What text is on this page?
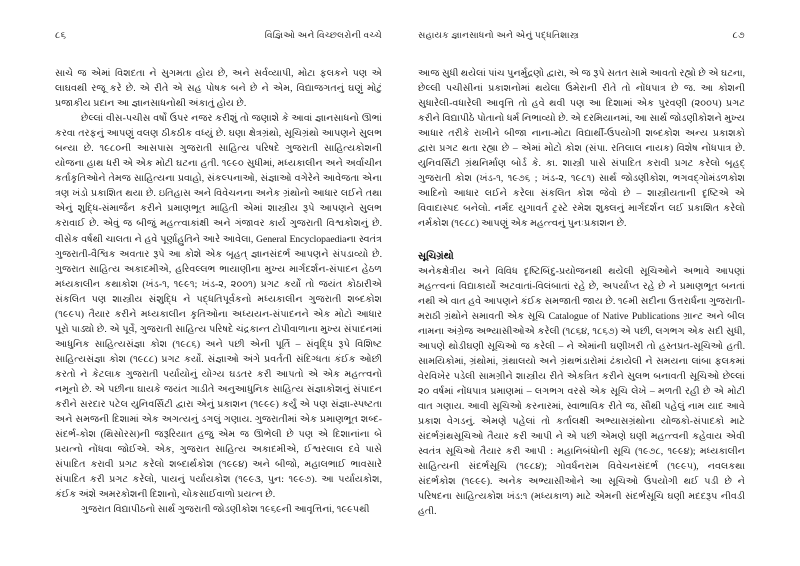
૮૬	વિજ્ઞિઓ અને વિચ્છલરોની વચ્ચે

સાચે જ એમાં વિશદતા ને સુગમતા હોય છે, અને સર્વવ્યાપી, મોટા ફલકને પણ એ લાઘવથી રજૂ કરે છે. એ રીતે એ સહ પોષક બને છે ને એમ, વિદ્યાજગતનું ઘણું મોટું પ્રજાકીય પ્રદાન આ જ્ઞાનસાધનોથી અંકાતું હોય છે.

છેલ્લાં વીસ-પચીસ વર્ષો ઉપર નજર કરીશું તો જણાશે કે આવાં જ્ઞાનસાધનો ઊભાં કરવા તરફનું આપણું વલણ ઠીકઠીક વધ્યું છે. ઘણા ક્ષેત્રગ્રંથો, સૂચિગ્રંથો આપણને સુલભ બન્યા છે. ૧૯૮૦ની આસપાસ ગુજરાતી સાહિત્ય પરિષદે ગુજરાતી સાહિત્યકોશની યોજના હાથ ધરી એ એક મોટી ઘટના હતી. ૧૯૯૦ સુધીમાં, મધ્યકાલીન અને અર્વાચીન કર્તાકૃતિઓને તેમજ સાહિત્યના પ્રવાહો, સંકલ્પનાઓ, સંજ્ઞાઓ વગેરેને આવેજતા એના ત્રણ ખંડો પ્રકાશિત થયા છે. ઇતિહાસ અને વિવેચનના અનેક ગ્રંથોનો આધાર લઈને તથા એનું શુદ્ધિ-સંમાર્જન કરીને પ્રમાણભૂત માહિતી એમાં શાસ્ત્રીય રૂપે આપણને સુલભ કરાવાઈ છે. એવું જ બીજું મહત્ત્વાકાંક્ષી અને ગંજાવર કાર્ય ગુજરાતી વિશ્વકોશનું છે. વીસેક વર્ષથી ચાલતા ને હવે પૂર્ણાહુતિને આરે આવેલા, General Encyclopaediaના સ્વતંત્ર ગુજરાતી-વૈશ્વિક અવતાર રૂપે આ કોશે એક બૃહત્ જ્ઞાનસંદર્ભ આપણને સંપડાવ્યો છે. ગુજરાત સાહિત્ય અકાદમીએ, હરિવલ્લભ ભાયાણીના મુખ્ય માર્ગદર્શન-સંપાદન હેઠળ મધ્યકાલીન કથાકોશ (ખંડ-૧, ૧૯૯૧; ખંડ-૨, ૨૦૦૧) પ્રગટ કર્યો તો જયંત કોઠારીએ સંકલિત પણ શાસ્ત્રીય સંશુદ્ધિ ને પદ્ધતિપૂર્વકનો મધ્યકાલીન ગુજરાતી શબ્દકોશ (૧૯૯૫) તૈયાર કરીને મધ્યકાલીન કૃતિઓના અધ્યયન-સંપાદનને એક મોટો આધાર પૂરો પાડ્યો છે. એ પૂર્વે, ગુજરાતી સાહિત્ય પરિષદે ચંદ્રકાન્ત ટોપીવાળાના મુખ્ય સંપાદનમાં આધુનિક સાહિત્યસંજ્ઞા કોશ (૧૯૮૬) અને પછી એની પૂર્તિ – સંવૃદ્ધિ રૂપે વિશિષ્ટ સાહિત્યસંજ્ઞા કોશ (૧૯૮૮) પ્રગટ કર્યો. સંજ્ઞાઓ અંગે પ્રવર્તતી સંદિગ્ધતા કંઈક ઓછી કરતો ને કેટલાક ગુજરાતી પર્યાયોનું યોગ્ય ઘડતર કરી આપતો એ એક મહત્ત્વનો નમૂનો છે. એ પછીના ઘાયકે જયંત ગાડીતે અનુઆધુનિક સાહિત્ય સંજ્ઞાકોશનું સંપાદન કરીને સરદાર પટેલ યુનિવર્સિટી દ્વારા એનું પ્રકાશન (૧૯૯૯) કર્યું એ પણ સંજ્ઞા-સ્પષ્ટતા અને સમજની દિશામાં એક અગત્યનું ડગલું ગણાય. ગુજરાતીમાં એક પ્રમાણભૂત શબ્દ-સંદર્ભ-કોશ (થિસોરસ)ની જરૂરિયાત હજુ એમ જ ઊભેલી છે પણ એ દિશાનાંના બે પ્રયત્નો નોંધવા જોઈએ. એક, ગુજરાત સાહિત્ય અકાદમીએ, ઈશ્વરલાલ દવે પાસે સંપાદિત કરાવી પ્રગટ કરેલો શબ્દાર્થકોશ (૧૯૯૪) અને બીજો, મહાલભાઈ ભાવસારે સંપાદિત કરી પ્રગટ કરેલો, પાયનું પર્યાયકોશ (૧૯૯૩, પુન: ૧૯૯૭). આ પર્યાયકોશ, કંઈક અંશે અમરકોશની દિશાનો, ચોકસાઈવાળો પ્રયત્ન છે.

ગુજરાત વિદ્યાપીઠનો સાર્થ ગુજરાતી જોડણીકોશ ૧૯૬૯ની આવૃત્તિનાં, ૧૯૯૫થી

સહાયક જ્ઞાનસાધનો અને એનું પદ્ધતિશાસ્ત્ર	૮૭

આજ સુધી થયેલાં પાંચ પુનર્મુદ્રણો દ્વારા, એ જ રૂપે સતત સામે આવતો રહ્યો છે એ ઘટના, છેલ્લી પચીસીનાં પ્રકાશનોમાં થયેલા ઉમેરાની રીતે તો નોંધપાત્ર છે જ. આ કોશની સુધારેલી-વધારેલી આવૃત્તિ તો હવે થવી પણ આ દિશામાં એક પુરવણી (૨૦૦૫) પ્રગટ કરીને વિદ્યાપીઠે પોતાનો ધર્મ નિભાવ્યો છે. એ દરમિયાનમાં, આ સાર્થ જોડણીકોશને મુખ્ય આધાર તરીકે રાખીને બીજા નાના-મોટા વિદ્યાર્થી-ઉપયોગી શબ્દકોશ અન્ય પ્રકાશકો દ્વારા પ્રગટ થતા રહ્યા છે – એમાં મોટો કોશ (સંપા. રતિલાલ નાયક) વિશેષ નોંધપાત્ર છે. યુનિવર્સિટી ગ્રંથનિર્માણ બોર્ડ કે. કા. શાસ્ત્રી પાસે સંપાદિત કરાવી પ્રગટ કરેલો બૃહદ્ ગુજરાતી કોશ (ખંડ-૧, ૧૯૭૬ ; ખંડ-૨, ૧૯૮૧) સાર્થ જોડણીકોશ, ભગવદ્ગોમંડળકોશ આદિનો આધાર લઈને કરેલા સંકલિત કોશ જેવો છે – શાસ્ત્રીયતાની દૃષ્ટિએ એ વિવાદાસ્પદ બનેલો. નર્મદ યુગાવર્ત ટ્રસ્ટે રમેશ શુક્લનું માર્ગદર્શન લઈ પ્રકાશિત કરેલો નર્મકોશ (૧૯૮૮) આપણું એક મહત્ત્વનું પુનઃપ્રકાશન છે.

સૂચિગ્રંથો

અનેકક્ષેત્રીય અને વિવિધ દૃષ્ટિબિંદુ-પ્રયોજનથી થયેલી સૂચિઓને અભાવે આપણાં મહત્ત્વનાં વિદ્યાકાર્યો અટવાતાં-વિલંબાતાં રહે છે, અપર્યાપ્ત રહે છે ને પ્રમાણભૂત બનતાં નથી એ વાત હવે આપણને કંઈક સમજાતી જાય છે. ૧૯મી સદીના ઉત્તરાર્ધના ગુજરાતી-મરાઠી ગ્રંથોને સમાવતી એક સૂચિ Catalogue of Native Publications ગ્રાન્ટ અને બીલ નામના અંગ્રેજ અભ્યાસીઓએ કરેલી (૧૮૬૪, ૧૮૬૭) એ પછી, લગભગ એક સદી સુધી, આપણે થોડીઘણી સૂચિઓ જ કરેલી – ને એમાંની ઘણીખરી તો હસ્તપ્રત-સૂચિઓ હતી. સામયિકોમાં, ગ્રંથોમાં, ગ્રંથાલયો અને ગ્રંથભંડારોમાં ઢંકાયેલી ને સમયના લાંબા ફલકમાં વેરવિખેર પડેલી સામગ્રીને શાસ્ત્રીય રીતે એકત્રિત કરીને સુલભ બનાવતી સૂચિઓ છેલ્લાં ૨૦ વર્ષમાં નોંધપાત્ર પ્રમાણમાં – લગભગ વરસે એક સૂચિ લેખે – મળતી રહી છે એ મોટી વાત ગણાય. આવી સૂચિઓ કરનારમાં, સ્વાભાવિક રીતે જ, સૌથી પહેલું નામ યાદ આવે પ્રકાશ વેગડનું. એમણે પહેલાં તો કર્તાલક્ષી અભ્યાસગ્રંથોના યોજકો-સંપાદકો માટે સંદર્ભગ્રંથસૂચિઓ તૈયાર કરી આપી ને એ પછી એમણે ઘણી મહત્ત્વની કહેવાય એવી સ્વતંત્ર સૂચિઓ તૈયાર કરી આપી : મહાનિબંધોની સૂચિ (૧૯૭૮, ૧૯૯૪); મધ્યકાલીન સાહિત્યની સંદર્ભસૂચિ (૧૯૮૪); ગોવર્ધનરામ વિવેચનસંદર્ભ (૧૯૯૫), નવલકથા સંદર્ભકોશ (૧૯૯૯). અનેક અભ્યાસીઓને આ સૂચિઓ ઉપયોગી થઈ પડી છે ને પરિષદના સાહિત્યકોશ ખંડ:૧ (મધ્યકાળ) માટે એમની સંદર્ભસૂચિ ઘણી મદદરૂપ નીવડી હતી.
